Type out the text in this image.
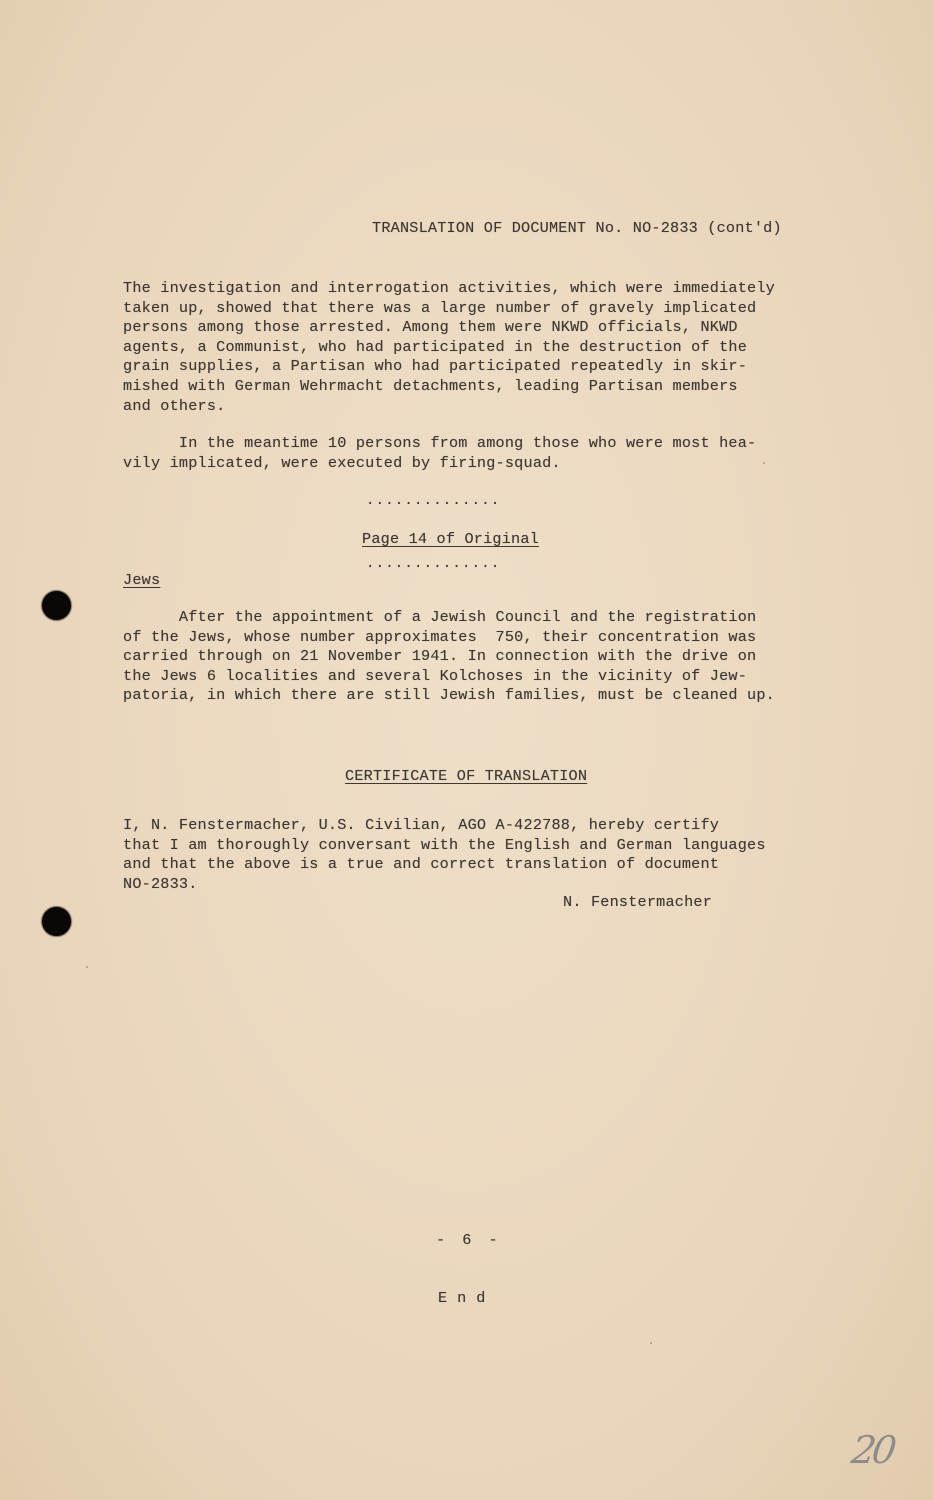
TRANSLATION OF DOCUMENT No. NO-2833 (cont'd)
The investigation and interrogation activities, which were immediately
taken up, showed that there was a large number of gravely implicated
persons among those arrested. Among them were NKWD officials, NKWD
agents, a Communist, who had participated in the destruction of the
grain supplies, a Partisan who had participated repeatedly in skir-
mished with German Wehrmacht detachments, leading Partisan members
and others.
In the meantime 10 persons from among those who were most hea-
vily implicated, were executed by firing-squad.
..............
Page 14 of Original
..............
Jews
After the appointment of a Jewish Council and the registration
of the Jews, whose number approximates  750, their concentration was
carried through on 21 November 1941. In connection with the drive on
the Jews 6 localities and several Kolchoses in the vicinity of Jew-
patoria, in which there are still Jewish families, must be cleaned up.
CERTIFICATE OF TRANSLATION
I, N. Fenstermacher, U.S. Civilian, AGO A-422788, hereby certify
that I am thoroughly conversant with the English and German languages
and that the above is a true and correct translation of document
NO-2833.
N. Fenstermacher
- 6 -
End
20
